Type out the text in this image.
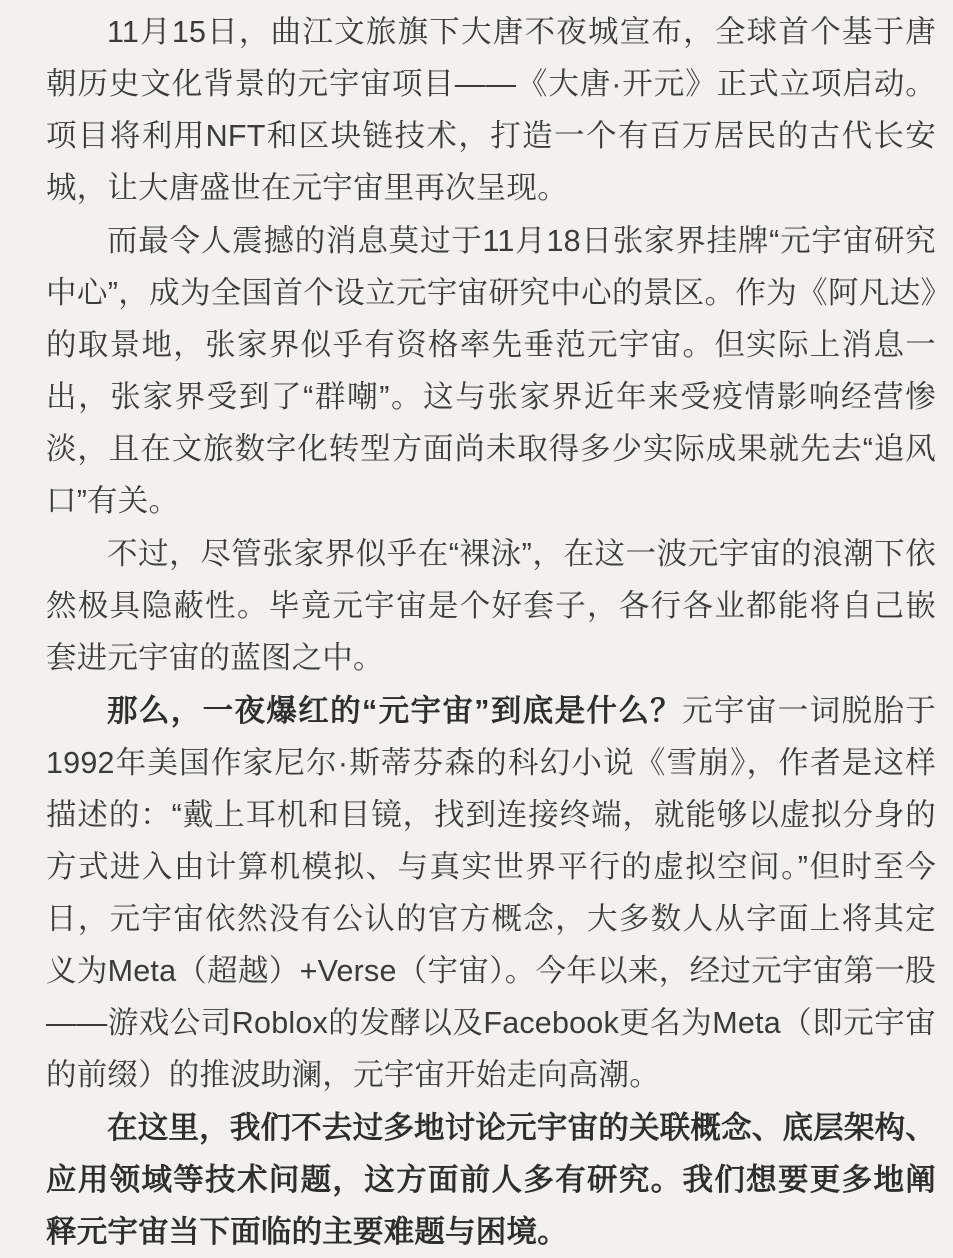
11月15日，曲江文旅旗下大唐不夜城宣布，全球首个基于唐朝历史文化背景的元宇宙项目——《大唐·开元》正式立项启动。项目将利用NFT和区块链技术，打造一个有百万居民的古代长安城，让大唐盛世在元宇宙里再次呈现。

而最令人震撼的消息莫过于11月18日张家界挂牌“元宇宙研究中心”，成为全国首个设立元宇宙研究中心的景区。作为《阿凡达》的取景地，张家界似乎有资格率先垂范元宇宙。但实际上消息一出，张家界受到了“群嘲”。这与张家界近年来受疫情影响经营惨淡，且在文旅数字化转型方面尚未取得多少实际成果就先去“追风口”有关。

不过，尽管张家界似乎在“裸泳”，在这一波元宇宙的浪潮下依然极具隐蔽性。毕竟元宇宙是个好套子，各行各业都能将自己嵌套进元宇宙的蓝图之中。

那么，一夜爆红的“元宇宙”到底是什么？元宇宙一词脱胎于1992年美国作家尼尔·斯蒂芬森的科幻小说《雪崩》，作者是这样描述的：“戴上耳机和目镜，找到连接终端，就能够以虚拟分身的方式进入由计算机模拟、与真实世界平行的虚拟空间。”但时至今日，元宇宙依然没有公认的官方概念，大多数人从字面上将其定义为Meta（超越）+Verse（宇宙）。今年以来，经过元宇宙第一股——游戏公司Roblox的发酵以及Facebook更名为Meta（即元宇宙的前缀）的推波助澜，元宇宙开始走向高潮。

在这里，我们不去过多地讨论元宇宙的关联概念、底层架构、应用领域等技术问题，这方面前人多有研究。我们想要更多地阐释元宇宙当下面临的主要难题与困境。
